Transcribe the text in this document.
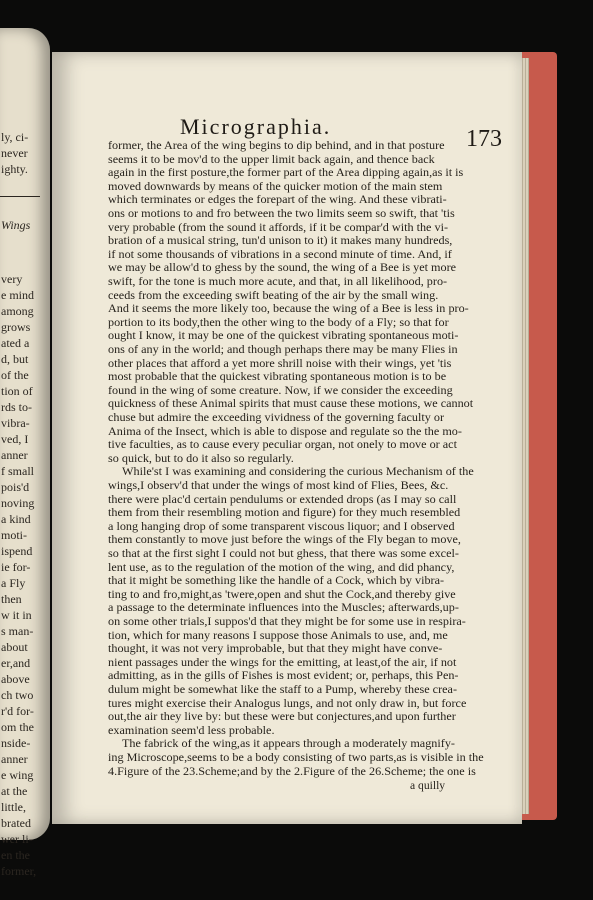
ly, ci-
never
ighty.
Wings
very
e mind
among
grows
ated a
d, but
of the
tion of
rds to-
vibra-
ved, I
anner
f small
pois'd
noving
a kind
moti-
ispend
ie for-
a Fly
then
w it in
s man-
about
er,and
above
ch two
r'd for-
om the
nside-
anner
e wing
at the
little,
brated
wer li-
en the
former,
Micrographia.	173
former, the Area of the wing begins to dip behind, and in that posture
seems it to be mov'd to the upper limit back again, and thence back
again in the first posture,the former part of the Area dipping again,as it is
moved downwards by means of the quicker motion of the main stem
which terminates or edges the forepart of the wing. And these vibrati-
ons or motions to and fro between the two limits seem so swift, that 'tis
very probable (from the sound it affords, if it be compar'd with the vi-
bration of a musical string, tun'd unison to it) it makes many hundreds,
if not some thousands of vibrations in a second minute of time. And, if
we may be allow'd to ghess by the sound, the wing of a Bee is yet more
swift, for the tone is much more acute, and that, in all likelihood, pro-
ceeds from the exceeding swift beating of the air by the small wing.
And it seems the more likely too, because the wing of a Bee is less in pro-
portion to its body,then the other wing to the body of a Fly; so that for
ought I know, it may be one of the quickest vibrating spontaneous moti-
ons of any in the world; and though perhaps there may be many Flies in
other places that afford a yet more shrill noise with their wings, yet 'tis
most probable that the quickest vibrating spontaneous motion is to be
found in the wing of some creature. Now, if we consider the exceeding
quickness of these Animal spirits that must cause these motions, we cannot
chuse but admire the exceeding vividness of the governing faculty or
Anima of the Insect, which is able to dispose and regulate so the the mo-
tive faculties, as to cause every peculiar organ, not onely to move or act
so quick, but to do it also so regularly.
While'st I was examining and considering the curious Mechanism of the
wings,I observ'd that under the wings of most kind of Flies, Bees, &c.
there were plac'd certain pendulums or extended drops (as I may so call
them from their resembling motion and figure) for they much resembled
a long hanging drop of some transparent viscous liquor; and I observed
them constantly to move just before the wings of the Fly began to move,
so that at the first sight I could not but ghess, that there was some excel-
lent use, as to the regulation of the motion of the wing, and did phancy,
that it might be something like the handle of a Cock, which by vibra-
ting to and fro,might,as 'twere,open and shut the Cock,and thereby give
a passage to the determinate influences into the Muscles; afterwards,up-
on some other trials,I suppos'd that they might be for some use in respira-
tion, which for many reasons I suppose those Animals to use, and, me
thought, it was not very improbable, but that they might have conve-
nient passages under the wings for the emitting, at least,of the air, if not
admitting, as in the gills of Fishes is most evident; or, perhaps, this Pen-
dulum might be somewhat like the staff to a Pump, whereby these crea-
tures might exercise their Analogus lungs, and not only draw in, but force
out,the air they live by: but these were but conjectures,and upon further
examination seem'd less probable.
The fabrick of the wing,as it appears through a moderately magnify-
ing Microscope,seems to be a body consisting of two parts,as is visible in the
4.Figure of the 23.Scheme;and by the 2.Figure of the 26.Scheme; the one is
a quilly
